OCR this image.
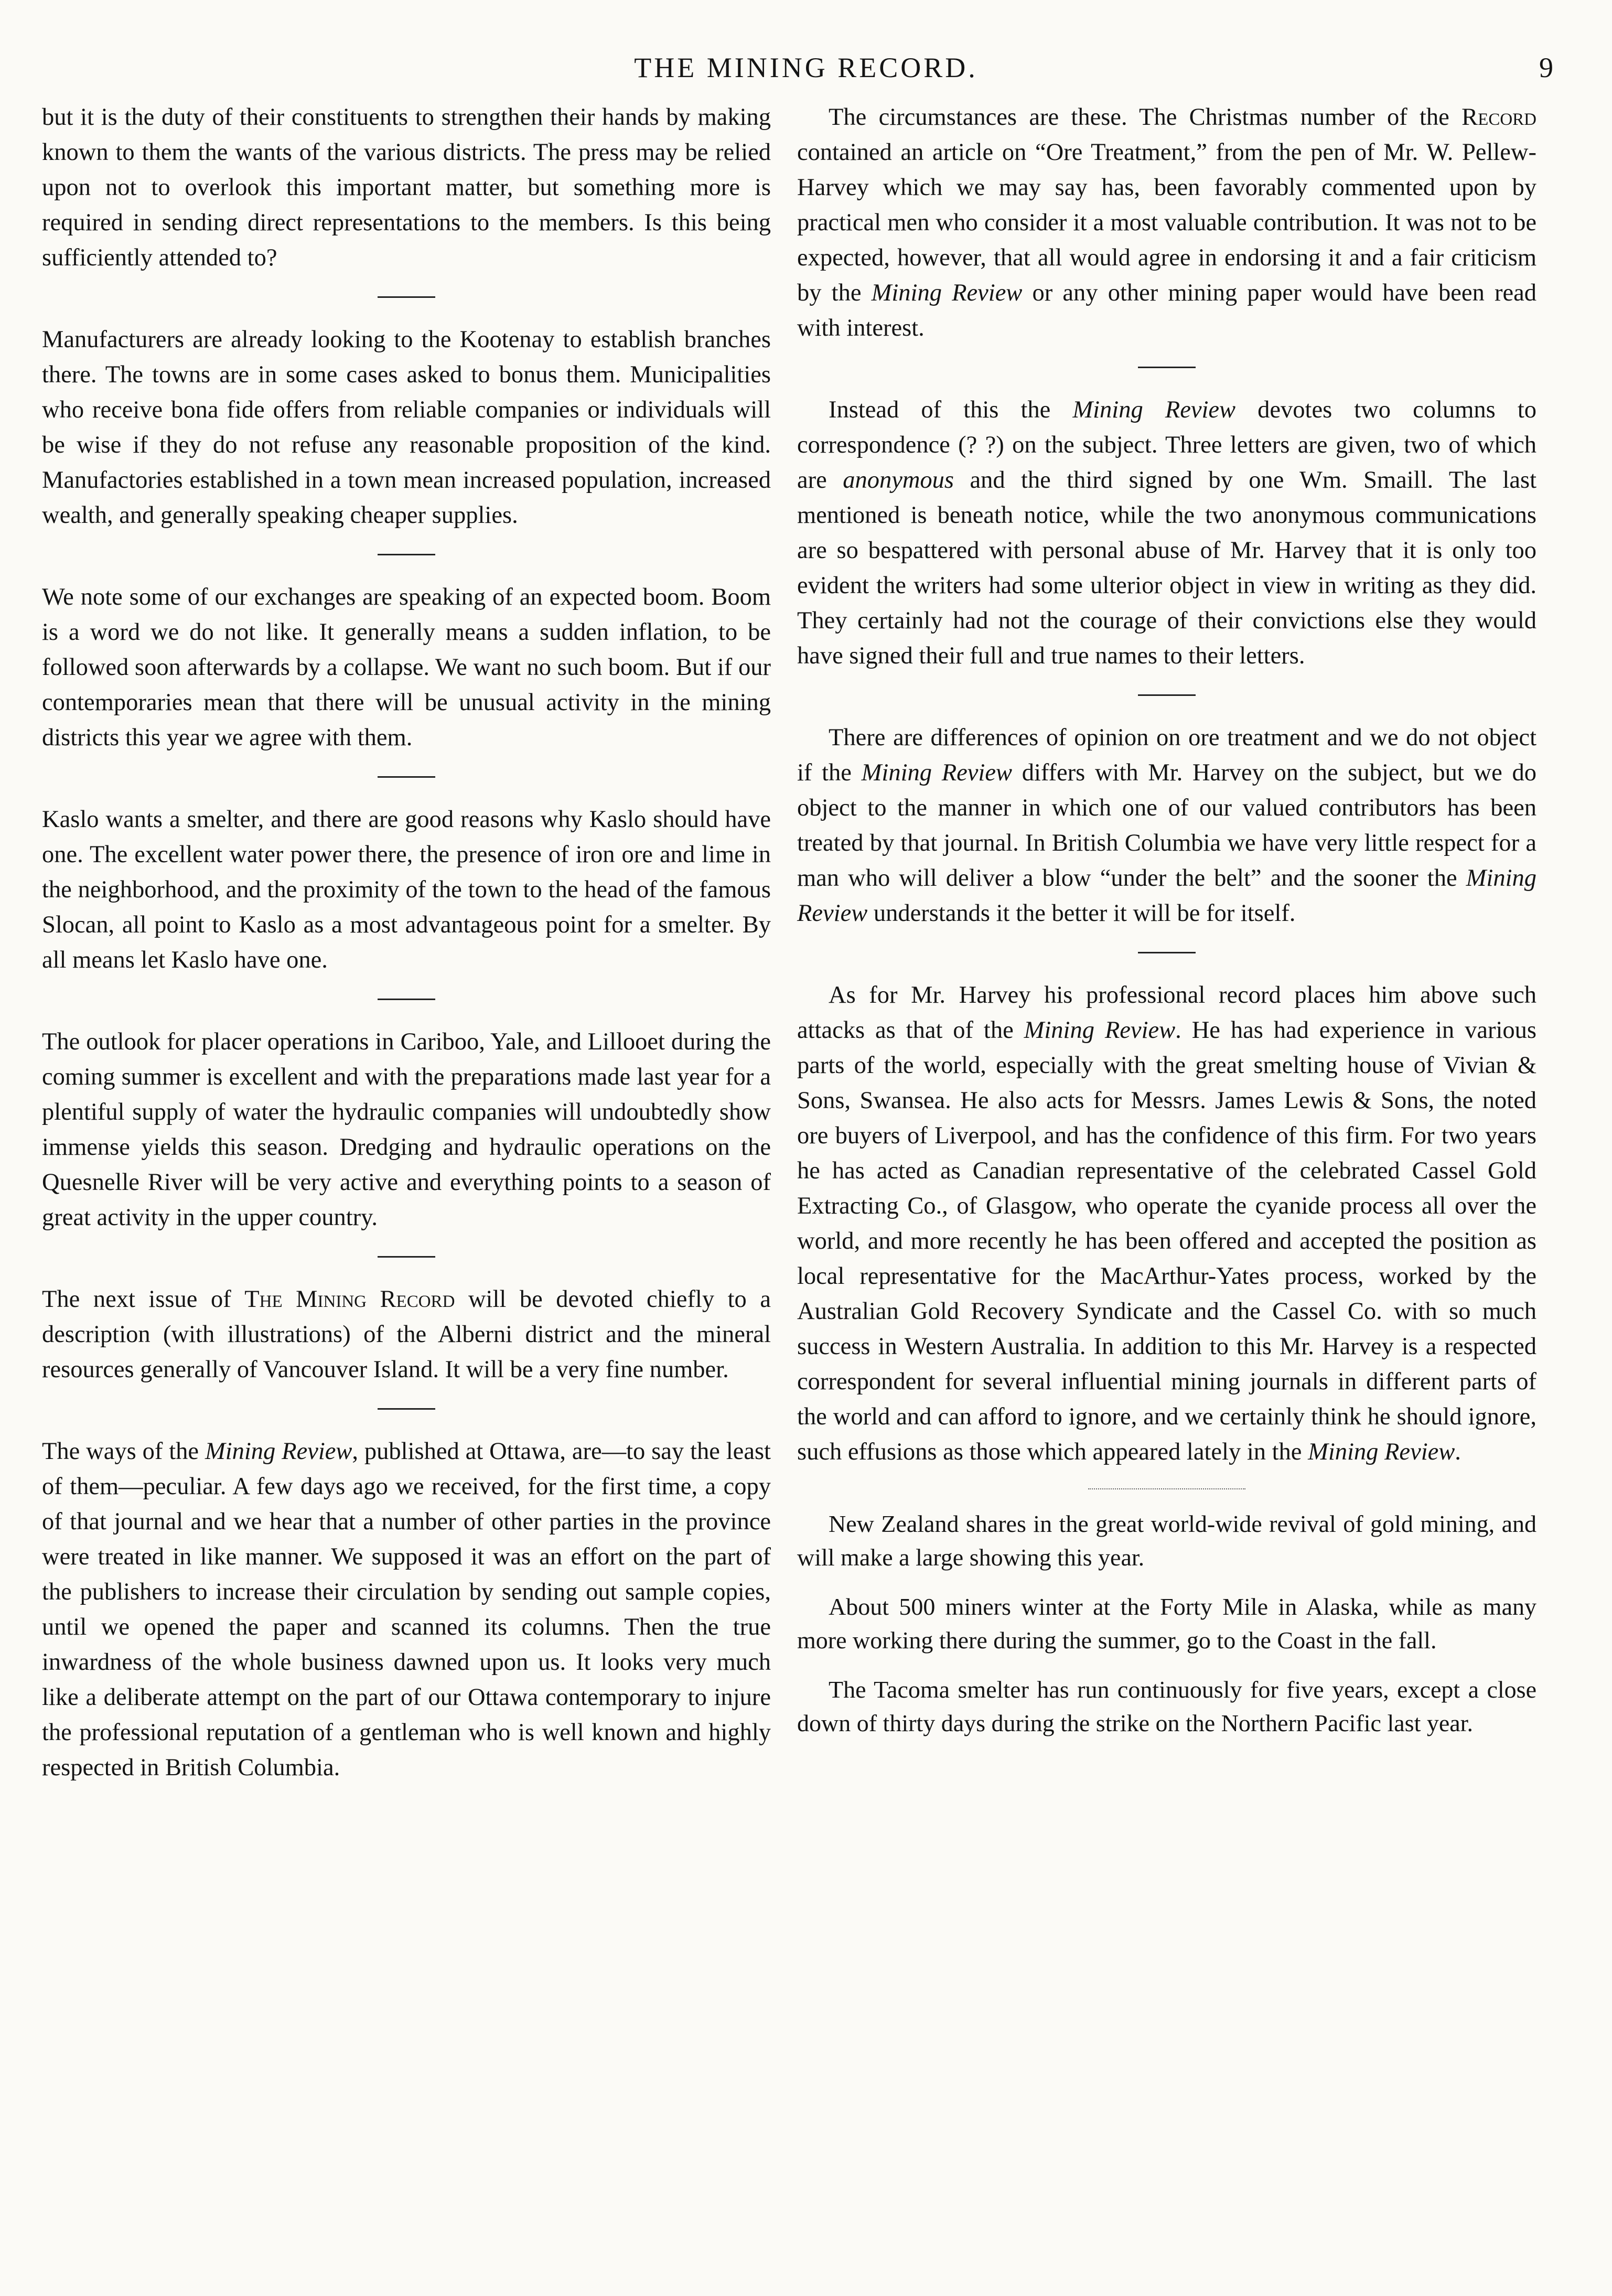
THE MINING RECORD.	9

but it is the duty of their constituents to strengthen their hands by making known to them the wants of the various districts. The press may be relied upon not to overlook this important matter, but something more is required in sending direct representations to the members. Is this being sufficiently attended to?

Manufacturers are already looking to the Kootenay to establish branches there. The towns are in some cases asked to bonus them. Municipalities who receive bona fide offers from reliable companies or individuals will be wise if they do not refuse any reasonable proposition of the kind. Manufactories established in a town mean increased population, increased wealth, and generally speaking cheaper supplies.

We note some of our exchanges are speaking of an expected boom. Boom is a word we do not like. It generally means a sudden inflation, to be followed soon afterwards by a collapse. We want no such boom. But if our contemporaries mean that there will be unusual activity in the mining districts this year we agree with them.

Kaslo wants a smelter, and there are good reasons why Kaslo should have one. The excellent water power there, the presence of iron ore and lime in the neighborhood, and the proximity of the town to the head of the famous Slocan, all point to Kaslo as a most advantageous point for a smelter. By all means let Kaslo have one.

The outlook for placer operations in Cariboo, Yale, and Lillooet during the coming summer is excellent and with the preparations made last year for a plentiful supply of water the hydraulic companies will undoubtedly show immense yields this season. Dredging and hydraulic operations on the Quesnelle River will be very active and everything points to a season of great activity in the upper country.

The next issue of The Mining Record will be devoted chiefly to a description (with illustrations) of the Alberni district and the mineral resources generally of Vancouver Island. It will be a very fine number.

The ways of the Mining Review, published at Ottawa, are—to say the least of them—peculiar. A few days ago we received, for the first time, a copy of that journal and we hear that a number of other parties in the province were treated in like manner. We supposed it was an effort on the part of the publishers to increase their circulation by sending out sample copies, until we opened the paper and scanned its columns. Then the true inwardness of the whole business dawned upon us. It looks very much like a deliberate attempt on the part of our Ottawa contemporary to injure the professional reputation of a gentleman who is well known and highly respected in British Columbia.

The circumstances are these. The Christmas number of the Record contained an article on “Ore Treatment,” from the pen of Mr. W. Pellew-Harvey which we may say has, been favorably commented upon by practical men who consider it a most valuable contribution. It was not to be expected, however, that all would agree in endorsing it and a fair criticism by the Mining Review or any other mining paper would have been read with interest.

Instead of this the Mining Review devotes two columns to correspondence (? ?) on the subject. Three letters are given, two of which are anonymous and the third signed by one Wm. Smaill. The last mentioned is beneath notice, while the two anonymous communications are so bespattered with personal abuse of Mr. Harvey that it is only too evident the writers had some ulterior object in view in writing as they did. They certainly had not the courage of their convictions else they would have signed their full and true names to their letters.

There are differences of opinion on ore treatment and we do not object if the Mining Review differs with Mr. Harvey on the subject, but we do object to the manner in which one of our valued contributors has been treated by that journal. In British Columbia we have very little respect for a man who will deliver a blow “under the belt” and the sooner the Mining Review understands it the better it will be for itself.

As for Mr. Harvey his professional record places him above such attacks as that of the Mining Review. He has had experience in various parts of the world, especially with the great smelting house of Vivian & Sons, Swansea. He also acts for Messrs. James Lewis & Sons, the noted ore buyers of Liverpool, and has the confidence of this firm. For two years he has acted as Canadian representative of the celebrated Cassel Gold Extracting Co., of Glasgow, who operate the cyanide process all over the world, and more recently he has been offered and accepted the position as local representative for the MacArthur-Yates process, worked by the Australian Gold Recovery Syndicate and the Cassel Co. with so much success in Western Australia. In addition to this Mr. Harvey is a respected correspondent for several influential mining journals in different parts of the world and can afford to ignore, and we certainly think he should ignore, such effusions as those which appeared lately in the Mining Review.

New Zealand shares in the great world-wide revival of gold mining, and will make a large showing this year.

About 500 miners winter at the Forty Mile in Alaska, while as many more working there during the summer, go to the Coast in the fall.

The Tacoma smelter has run continuously for five years, except a close down of thirty days during the strike on the Northern Pacific last year.
